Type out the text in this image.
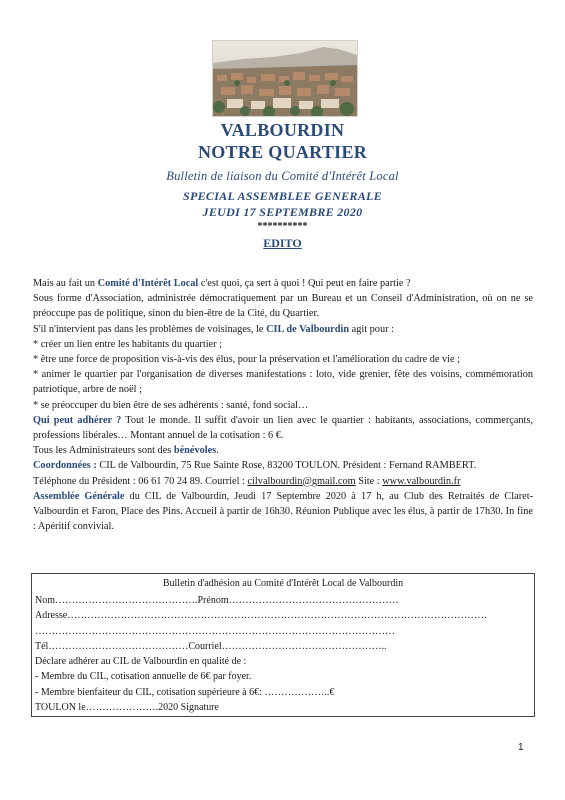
VALBOURDIN
NOTRE QUARTIER
Bulletin de liaison du Comité d'Intérêt Local
SPECIAL ASSEMBLEE GENERALE
JEUDI 17 SEPTEMBRE 2020
**********
EDITO

Mais au fait un Comité d'Intérêt Local c'est quoi, ça sert à quoi ! Qui peut en faire partie ?

Sous forme d'Association, administrée démocratiquement par un Bureau et un Conseil d'Administration, où on ne se préoccupe pas de politique, sinon du bien-être de la Cité, du Quartier.

S'il n'intervient pas dans les problèmes de voisinages, le CIL de Valbourdin agit pour :

* créer un lien entre les habitants du quartier ;

* être une force de proposition vis-à-vis des élus, pour la préservation et l'amélioration du cadre de vie ;

* animer le quartier par l'organisation de diverses manifestations : loto, vide grenier, fête des voisins, commémoration patriotique, arbre de noël ;

* se préoccuper du bien être de ses adhérents : santé, fond social…

Qui peut adhérer ? Tout le monde. Il suffit d'avoir un lien avec le quartier : habitants, associations, commerçants, professions libérales… Montant annuel de la cotisation : 6 €.

Tous les Administrateurs sont des bénévoles.

Coordonnées : CIL de Valbourdin, 75 Rue Sainte Rose, 83200 TOULON. Président : Fernand RAMBERT.

Téléphone du Président : 06 61 70 24 89. Courriel : cilvalbourdin@gmail.com Site : www.valbourdin.fr

Assemblée Générale du CIL de Valbourdin, Jeudi 17 Septembre 2020 à 17 h, au Club des Retraités de Claret-Valbourdin et Faron, Place des Pins. Accueil à partir de 16h30. Réunion Publique avec les élus, à partir de 17h30. In fine : Apéritif convivial.

Bulletin d'adhésion au Comité d'Intérêt Local de Valbourdin
Nom…………………………………….Prénom……………………………………………
Adresse………………………………………………………………………………………………………………
………………………………………………………………………………………………
Tél……………………………………Courriel…………………………………………..
Déclare adhérer au CIL de Valbourdin en qualité de :
- Membre du CIL, cotisation annuelle de 6€ par foyer.
- Membre bienfaiteur du CIL, cotisation supérieure à 6€: ………………..€
TOULON le………………….2020 Signature
1
